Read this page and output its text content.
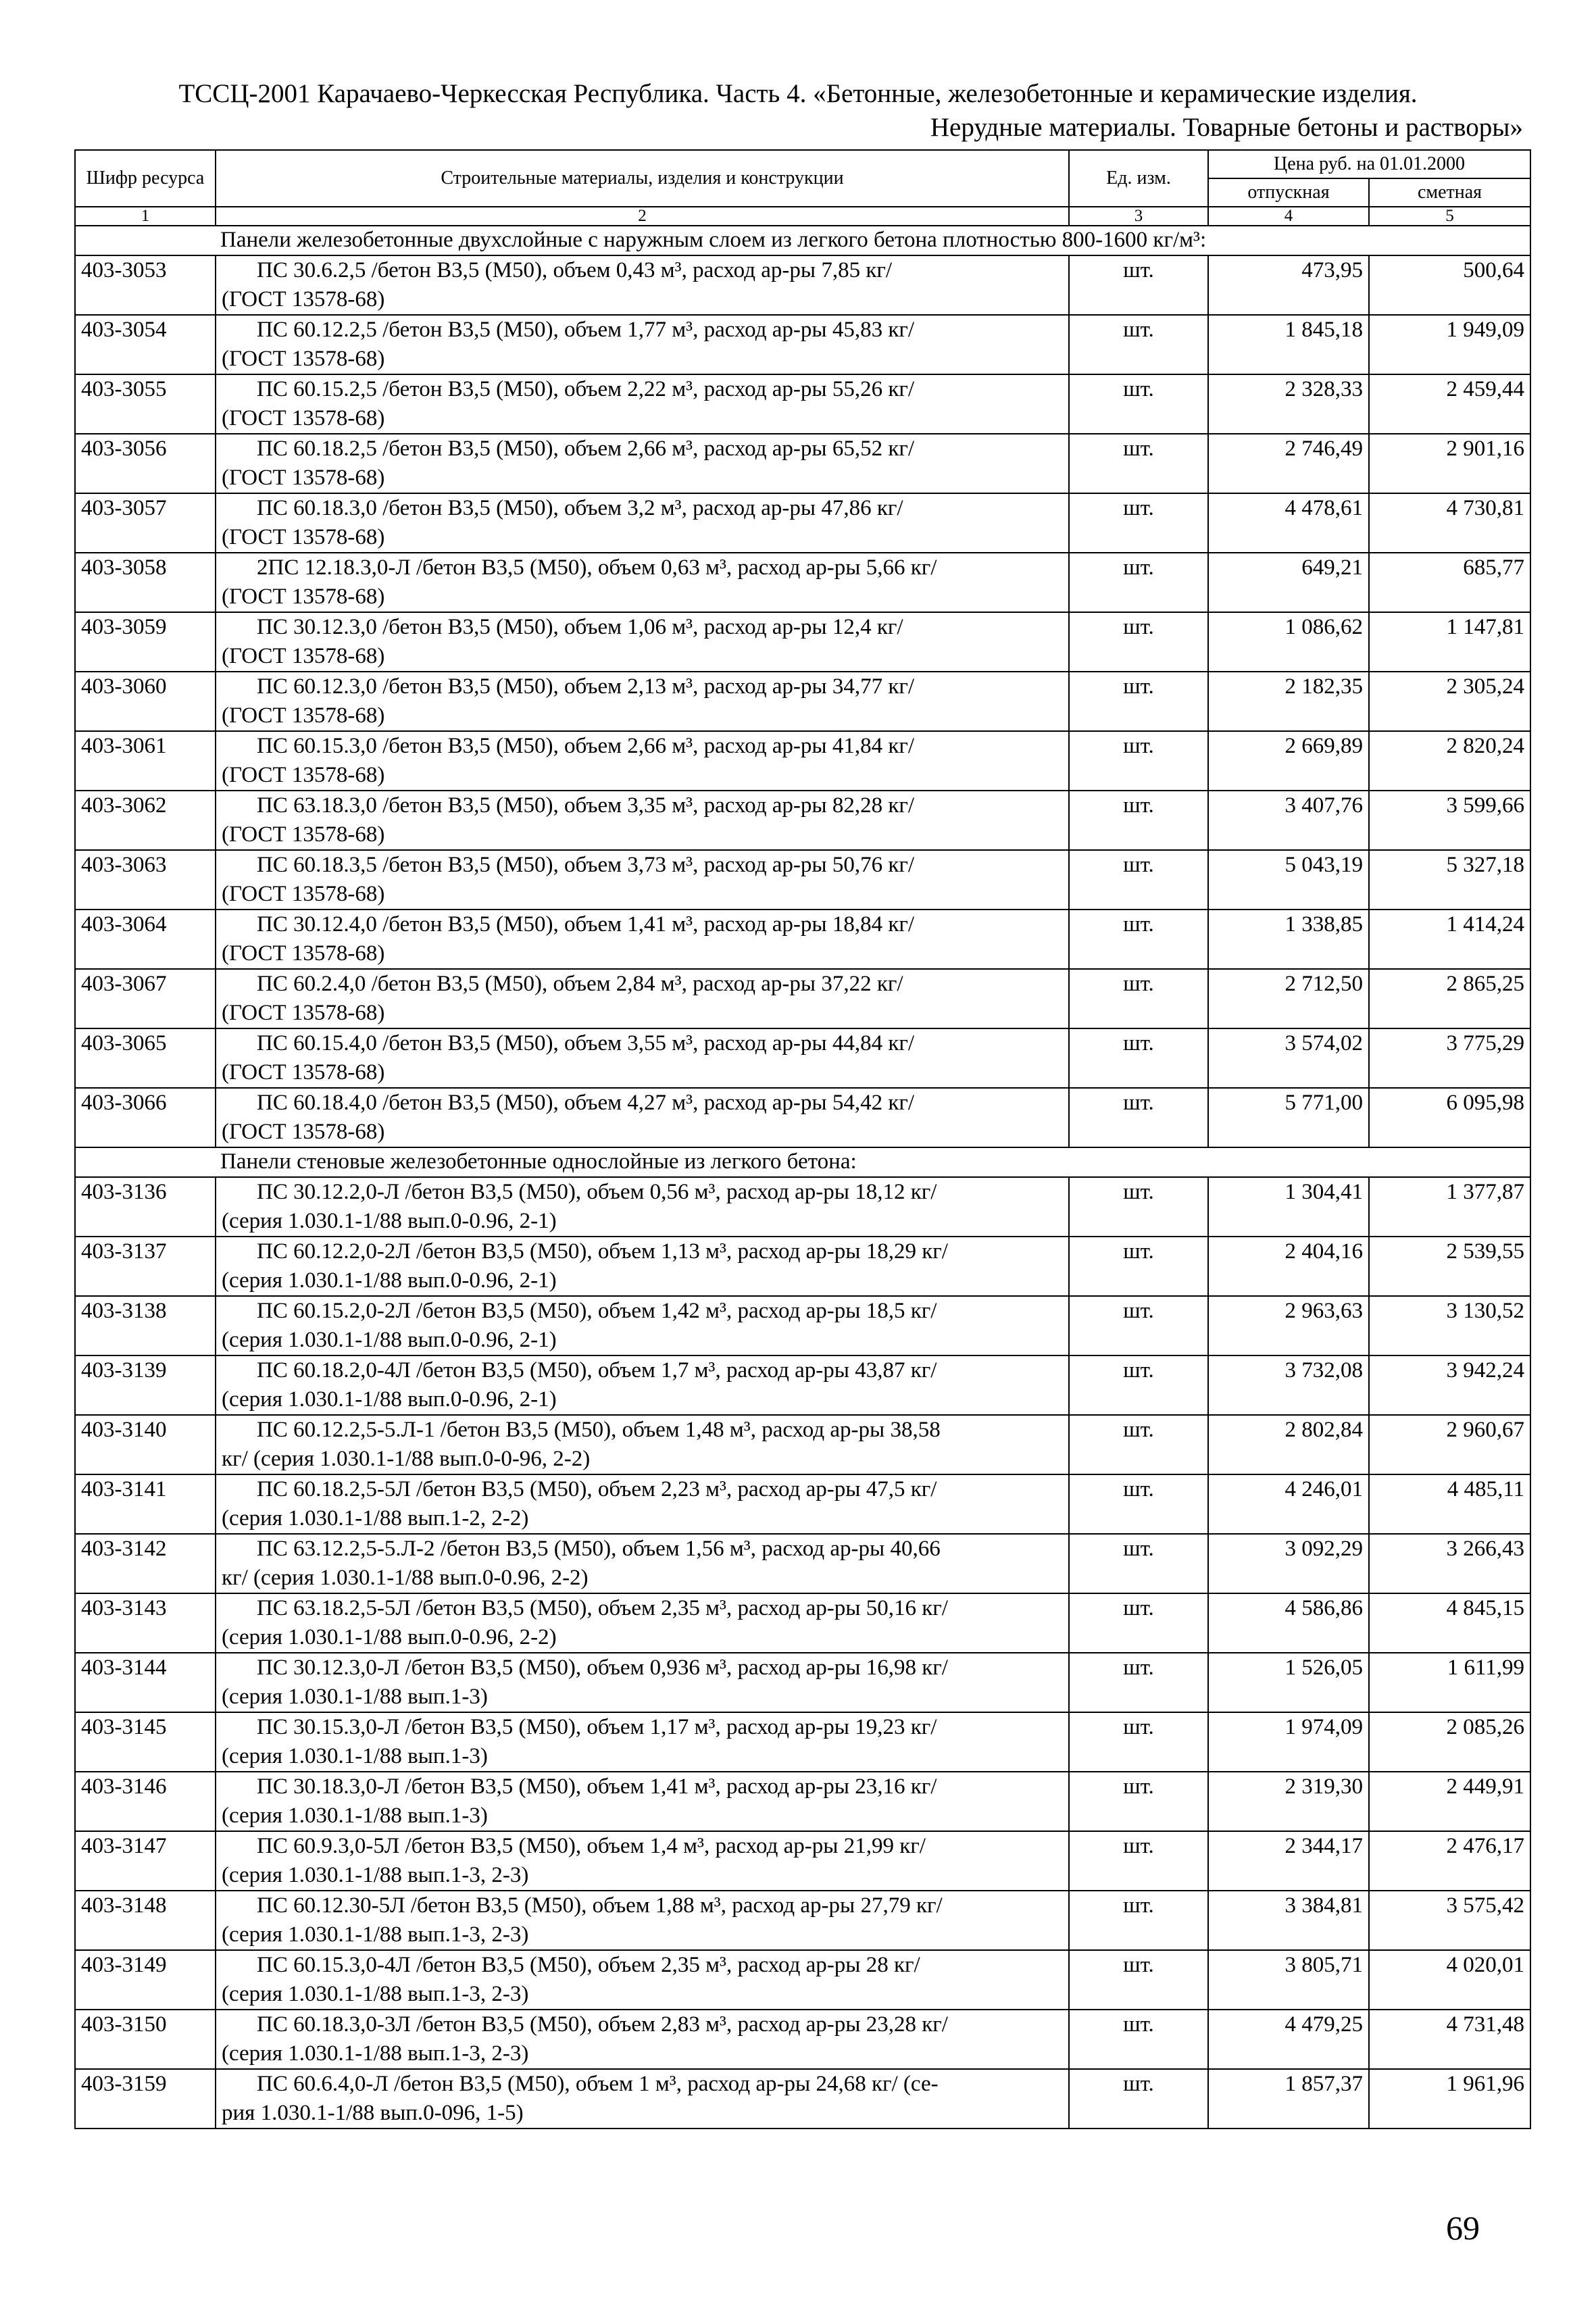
ТССЦ-2001 Карачаево-Черкесская Республика. Часть 4. «Бетонные, железобетонные и керамические изделия.
Нерудные материалы. Товарные бетоны и растворы»
Шифр ресурса	Строительные материалы, изделия и конструкции	Ед. изм.	Цена руб. на 01.01.2000	
			отпускная	сметная
1	2	3	4	5
Панели железобетонные двухслойные с наружным слоем из легкого бетона плотностью 800-1600 кг/м³:				
403-3053	ПС 30.6.2,5 /бетон В3,5 (М50), объем 0,43 м³, расход ар-ры 7,85 кг/
(ГОСТ 13578-68)	шт.	473,95	500,64
403-3054	ПС 60.12.2,5 /бетон В3,5 (М50), объем 1,77 м³, расход ар-ры 45,83 кг/
(ГОСТ 13578-68)	шт.	1 845,18	1 949,09
403-3055	ПС 60.15.2,5 /бетон В3,5 (М50), объем 2,22 м³, расход ар-ры 55,26 кг/
(ГОСТ 13578-68)	шт.	2 328,33	2 459,44
403-3056	ПС 60.18.2,5 /бетон В3,5 (М50), объем 2,66 м³, расход ар-ры 65,52 кг/
(ГОСТ 13578-68)	шт.	2 746,49	2 901,16
403-3057	ПС 60.18.3,0 /бетон В3,5 (М50), объем 3,2 м³, расход ар-ры 47,86 кг/
(ГОСТ 13578-68)	шт.	4 478,61	4 730,81
403-3058	2ПС 12.18.3,0-Л /бетон В3,5 (М50), объем 0,63 м³, расход ар-ры 5,66 кг/
(ГОСТ 13578-68)	шт.	649,21	685,77
403-3059	ПС 30.12.3,0 /бетон В3,5 (М50), объем 1,06 м³, расход ар-ры 12,4 кг/
(ГОСТ 13578-68)	шт.	1 086,62	1 147,81
403-3060	ПС 60.12.3,0 /бетон В3,5 (М50), объем 2,13 м³, расход ар-ры 34,77 кг/
(ГОСТ 13578-68)	шт.	2 182,35	2 305,24
403-3061	ПС 60.15.3,0 /бетон В3,5 (М50), объем 2,66 м³, расход ар-ры 41,84 кг/
(ГОСТ 13578-68)	шт.	2 669,89	2 820,24
403-3062	ПС 63.18.3,0 /бетон В3,5 (М50), объем 3,35 м³, расход ар-ры 82,28 кг/
(ГОСТ 13578-68)	шт.	3 407,76	3 599,66
403-3063	ПС 60.18.3,5 /бетон В3,5 (М50), объем 3,73 м³, расход ар-ры 50,76 кг/
(ГОСТ 13578-68)	шт.	5 043,19	5 327,18
403-3064	ПС 30.12.4,0 /бетон В3,5 (М50), объем 1,41 м³, расход ар-ры 18,84 кг/
(ГОСТ 13578-68)	шт.	1 338,85	1 414,24
403-3067	ПС 60.2.4,0 /бетон В3,5 (М50), объем 2,84 м³, расход ар-ры 37,22 кг/
(ГОСТ 13578-68)	шт.	2 712,50	2 865,25
403-3065	ПС 60.15.4,0 /бетон В3,5 (М50), объем 3,55 м³, расход ар-ры 44,84 кг/
(ГОСТ 13578-68)	шт.	3 574,02	3 775,29
403-3066	ПС 60.18.4,0 /бетон В3,5 (М50), объем 4,27 м³, расход ар-ры 54,42 кг/
(ГОСТ 13578-68)	шт.	5 771,00	6 095,98
Панели стеновые железобетонные однослойные из легкого бетона:				
403-3136	ПС 30.12.2,0-Л /бетон В3,5 (М50), объем 0,56 м³, расход ар-ры 18,12 кг/
(серия 1.030.1-1/88 вып.0-0.96, 2-1)	шт.	1 304,41	1 377,87
403-3137	ПС 60.12.2,0-2Л /бетон В3,5 (М50), объем 1,13 м³, расход ар-ры 18,29 кг/
(серия 1.030.1-1/88 вып.0-0.96, 2-1)	шт.	2 404,16	2 539,55
403-3138	ПС 60.15.2,0-2Л /бетон В3,5 (М50), объем 1,42 м³, расход ар-ры 18,5 кг/
(серия 1.030.1-1/88 вып.0-0.96, 2-1)	шт.	2 963,63	3 130,52
403-3139	ПС 60.18.2,0-4Л /бетон В3,5 (М50), объем 1,7 м³, расход ар-ры 43,87 кг/
(серия 1.030.1-1/88 вып.0-0.96, 2-1)	шт.	3 732,08	3 942,24
403-3140	ПС 60.12.2,5-5.Л-1 /бетон В3,5 (М50), объем 1,48 м³, расход ар-ры 38,58
кг/ (серия 1.030.1-1/88 вып.0-0-96, 2-2)	шт.	2 802,84	2 960,67
403-3141	ПС 60.18.2,5-5Л /бетон В3,5 (М50), объем 2,23 м³, расход ар-ры 47,5 кг/
(серия 1.030.1-1/88 вып.1-2, 2-2)	шт.	4 246,01	4 485,11
403-3142	ПС 63.12.2,5-5.Л-2 /бетон В3,5 (М50), объем 1,56 м³, расход ар-ры 40,66
кг/ (серия 1.030.1-1/88 вып.0-0.96, 2-2)	шт.	3 092,29	3 266,43
403-3143	ПС 63.18.2,5-5Л /бетон В3,5 (М50), объем 2,35 м³, расход ар-ры 50,16 кг/
(серия 1.030.1-1/88 вып.0-0.96, 2-2)	шт.	4 586,86	4 845,15
403-3144	ПС 30.12.3,0-Л /бетон В3,5 (М50), объем 0,936 м³, расход ар-ры 16,98 кг/
(серия 1.030.1-1/88 вып.1-3)	шт.	1 526,05	1 611,99
403-3145	ПС 30.15.3,0-Л /бетон В3,5 (М50), объем 1,17 м³, расход ар-ры 19,23 кг/
(серия 1.030.1-1/88 вып.1-3)	шт.	1 974,09	2 085,26
403-3146	ПС 30.18.3,0-Л /бетон В3,5 (М50), объем 1,41 м³, расход ар-ры 23,16 кг/
(серия 1.030.1-1/88 вып.1-3)	шт.	2 319,30	2 449,91
403-3147	ПС 60.9.3,0-5Л /бетон В3,5 (М50), объем 1,4 м³, расход ар-ры 21,99 кг/
(серия 1.030.1-1/88 вып.1-3, 2-3)	шт.	2 344,17	2 476,17
403-3148	ПС 60.12.30-5Л /бетон В3,5 (М50), объем 1,88 м³, расход ар-ры 27,79 кг/
(серия 1.030.1-1/88 вып.1-3, 2-3)	шт.	3 384,81	3 575,42
403-3149	ПС 60.15.3,0-4Л /бетон В3,5 (М50), объем 2,35 м³, расход ар-ры 28 кг/
(серия 1.030.1-1/88 вып.1-3, 2-3)	шт.	3 805,71	4 020,01
403-3150	ПС 60.18.3,0-3Л /бетон В3,5 (М50), объем 2,83 м³, расход ар-ры 23,28 кг/
(серия 1.030.1-1/88 вып.1-3, 2-3)	шт.	4 479,25	4 731,48
403-3159	ПС 60.6.4,0-Л /бетон В3,5 (М50), объем 1 м³, расход ар-ры 24,68 кг/ (се-
рия 1.030.1-1/88 вып.0-096, 1-5)	шт.	1 857,37	1 961,96
69
